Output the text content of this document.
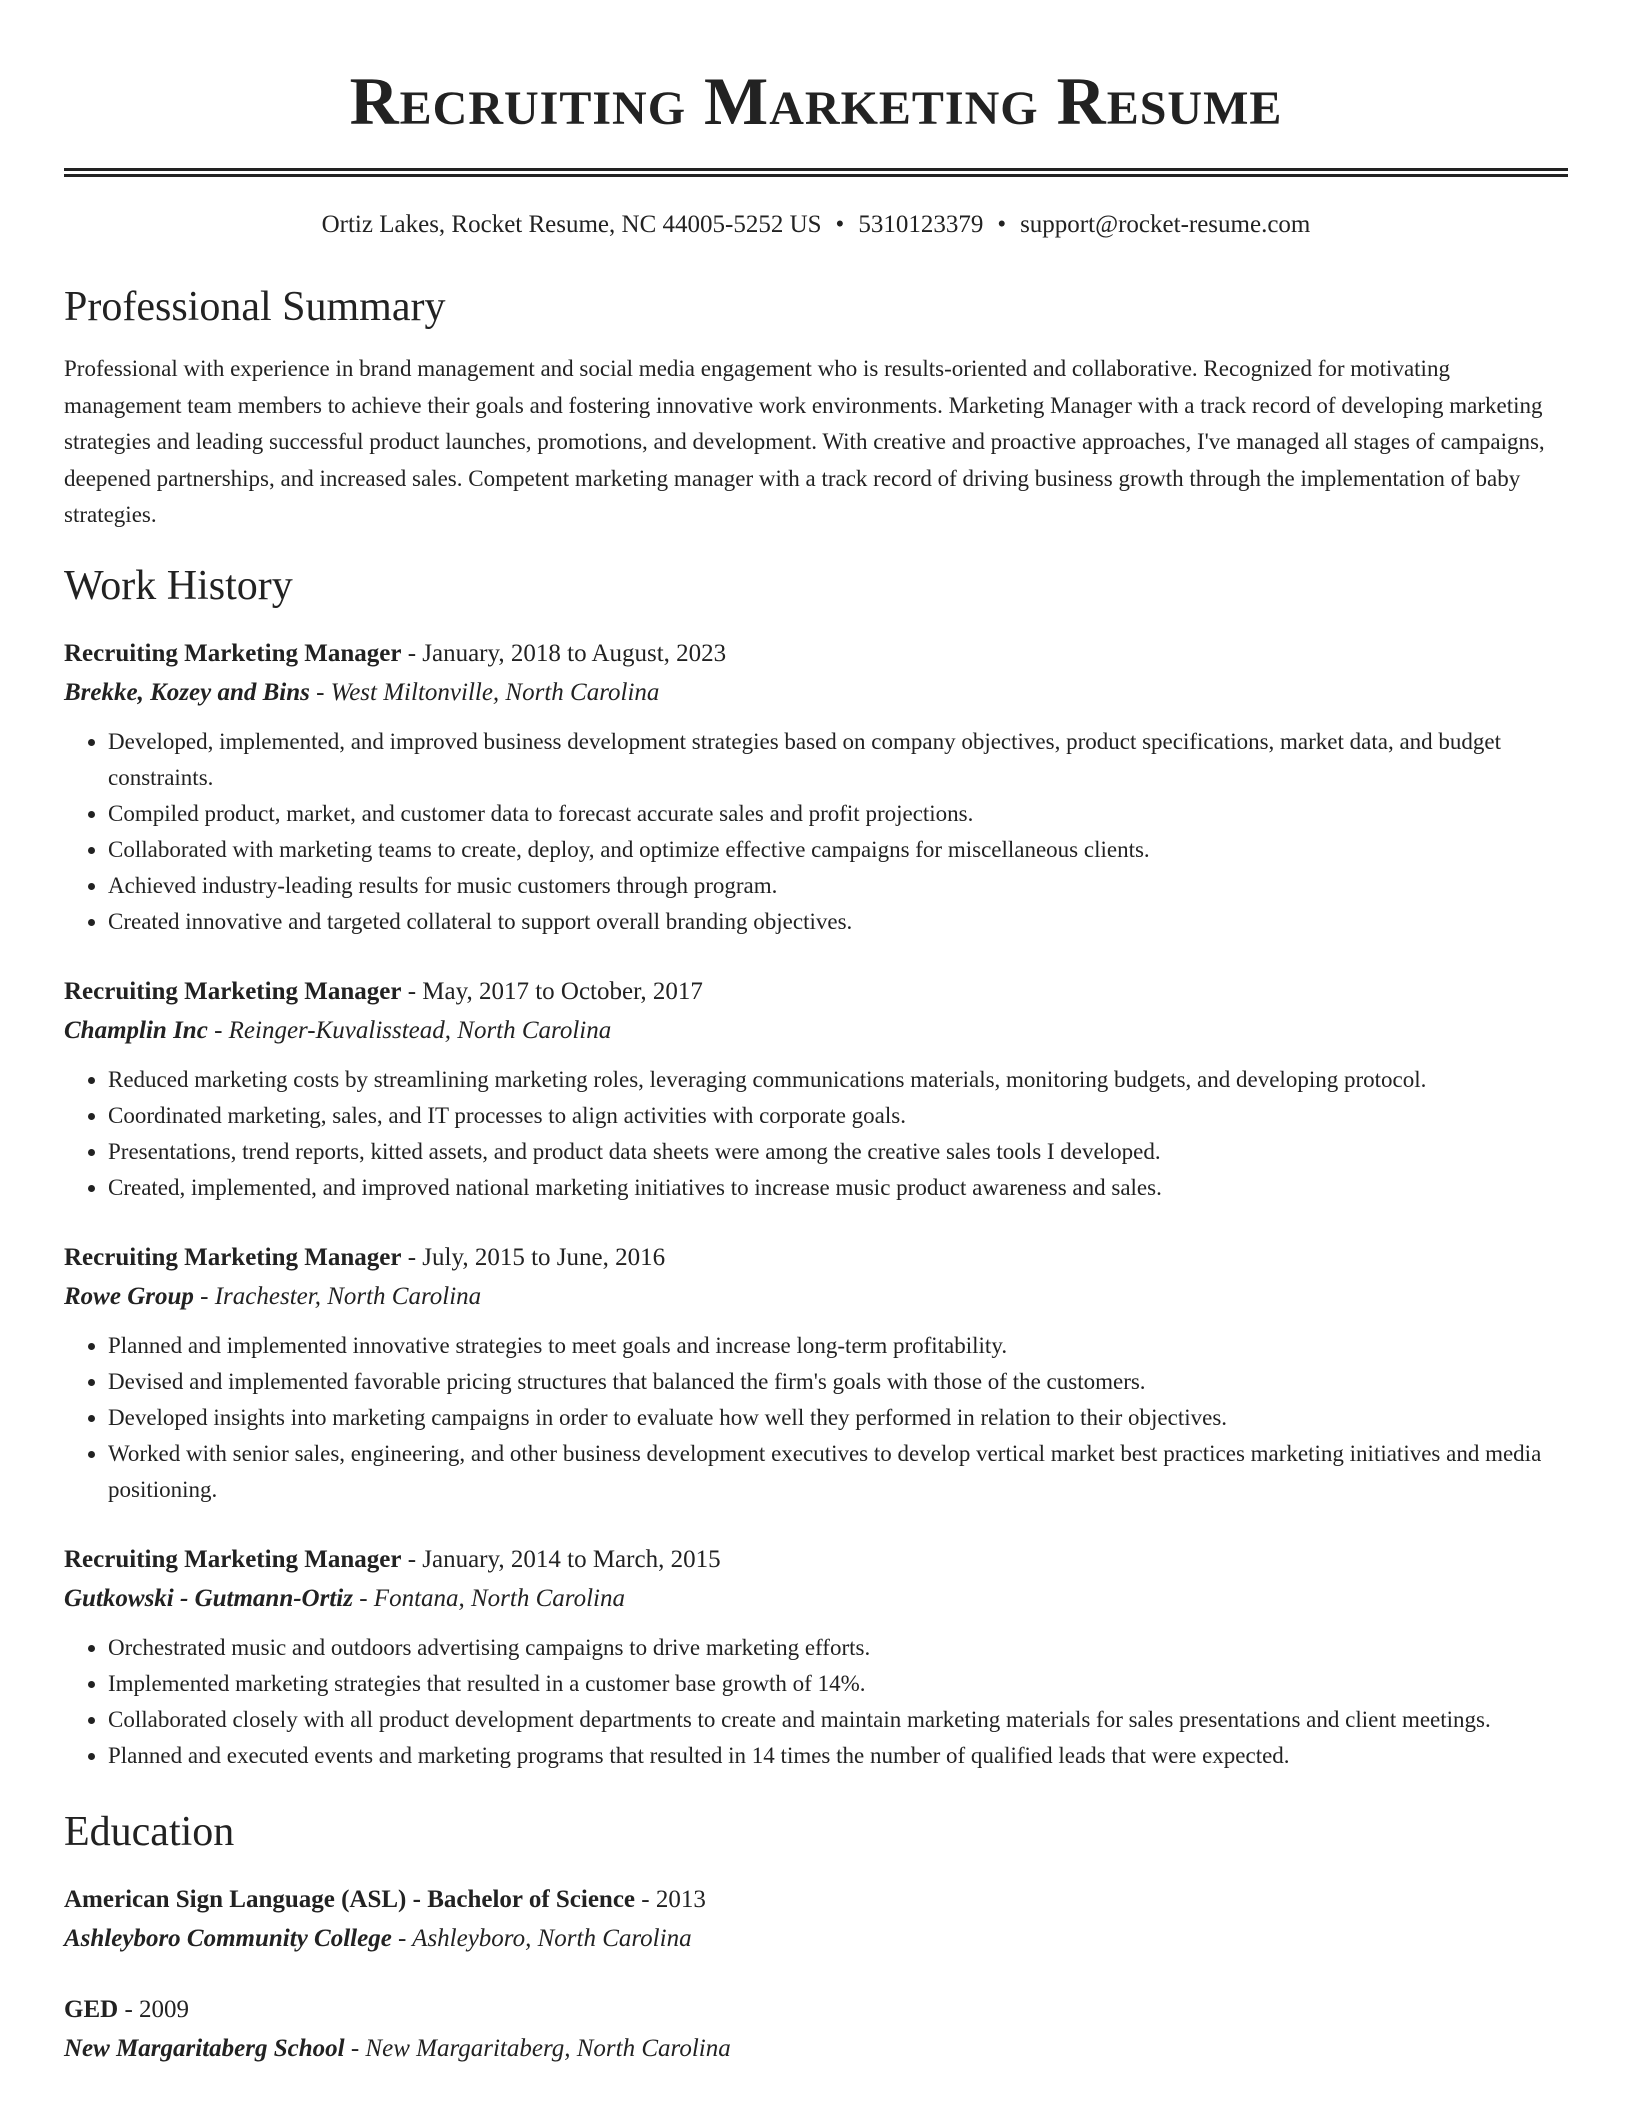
Recruiting Marketing Resume
Ortiz Lakes, Rocket Resume, NC 44005-5252 US • 5310123379 • support@rocket-resume.com
Professional Summary

Professional with experience in brand management and social media engagement who is results-oriented and collaborative. Recognized for motivating management team members to achieve their goals and fostering innovative work environments. Marketing Manager with a track record of developing marketing strategies and leading successful product launches, promotions, and development. With creative and proactive approaches, I've managed all stages of campaigns, deepened partnerships, and increased sales. Competent marketing manager with a track record of driving business growth through the implementation of baby strategies.

Work History
Recruiting Marketing Manager - January, 2018 to August, 2023
Brekke, Kozey and Bins - West Miltonville, North Carolina
• Developed, implemented, and improved business development strategies based on company objectives, product specifications, market data, and budget constraints.
• Compiled product, market, and customer data to forecast accurate sales and profit projections.
• Collaborated with marketing teams to create, deploy, and optimize effective campaigns for miscellaneous clients.
• Achieved industry-leading results for music customers through program.
• Created innovative and targeted collateral to support overall branding objectives.
Recruiting Marketing Manager - May, 2017 to October, 2017
Champlin Inc - Reinger-Kuvalisstead, North Carolina
• Reduced marketing costs by streamlining marketing roles, leveraging communications materials, monitoring budgets, and developing protocol.
• Coordinated marketing, sales, and IT processes to align activities with corporate goals.
• Presentations, trend reports, kitted assets, and product data sheets were among the creative sales tools I developed.
• Created, implemented, and improved national marketing initiatives to increase music product awareness and sales.
Recruiting Marketing Manager - July, 2015 to June, 2016
Rowe Group - Irachester, North Carolina
• Planned and implemented innovative strategies to meet goals and increase long-term profitability.
• Devised and implemented favorable pricing structures that balanced the firm's goals with those of the customers.
• Developed insights into marketing campaigns in order to evaluate how well they performed in relation to their objectives.
• Worked with senior sales, engineering, and other business development executives to develop vertical market best practices marketing initiatives and media positioning.
Recruiting Marketing Manager - January, 2014 to March, 2015
Gutkowski - Gutmann-Ortiz - Fontana, North Carolina
• Orchestrated music and outdoors advertising campaigns to drive marketing efforts.
• Implemented marketing strategies that resulted in a customer base growth of 14%.
• Collaborated closely with all product development departments to create and maintain marketing materials for sales presentations and client meetings.
• Planned and executed events and marketing programs that resulted in 14 times the number of qualified leads that were expected.
Education
American Sign Language (ASL) - Bachelor of Science - 2013
Ashleyboro Community College - Ashleyboro, North Carolina
GED - 2009
New Margaritaberg School - New Margaritaberg, North Carolina
